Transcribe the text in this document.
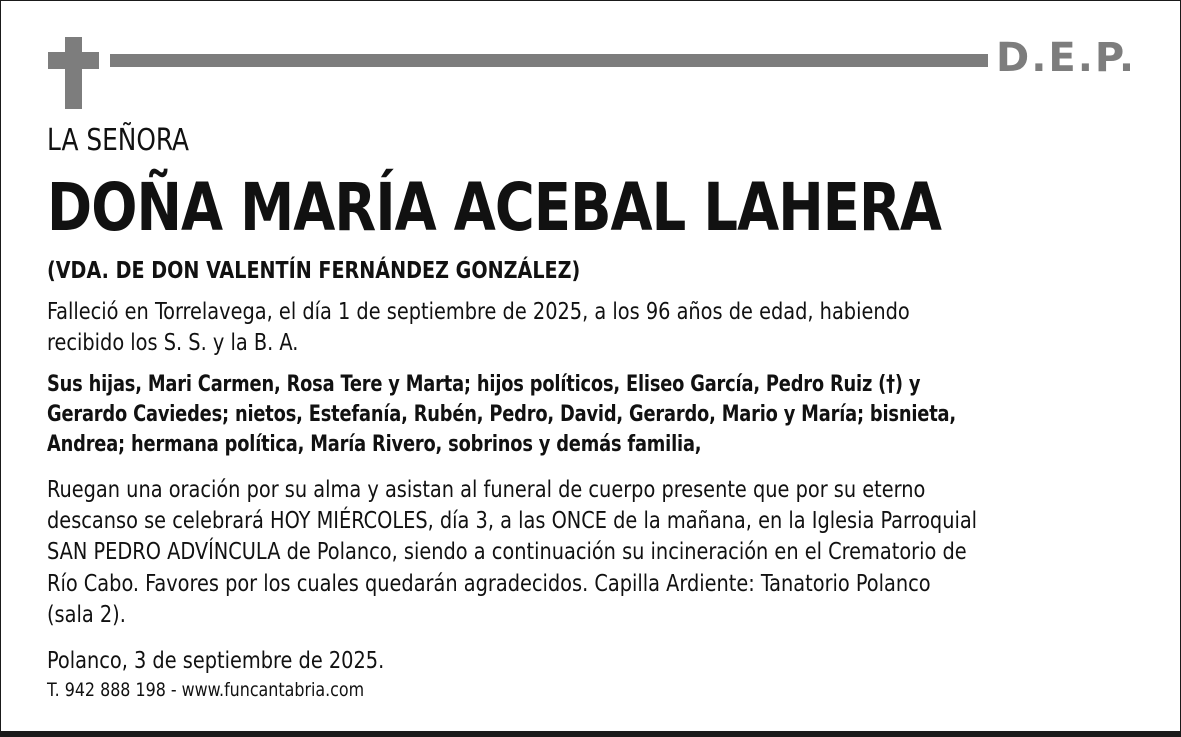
D.E.P.
LA SEÑORA
DOÑA MARÍA ACEBAL LAHERA
(VDA. DE DON VALENTÍN FERNÁNDEZ GONZÁLEZ)
Falleció en Torrelavega, el día 1 de septiembre de 2025, a los 96 años de edad, habiendo
recibido los S. S. y la B. A.
Sus hijas, Mari Carmen, Rosa Tere y Marta; hijos políticos, Eliseo García, Pedro Ruiz (†) y
Gerardo Caviedes; nietos, Estefanía, Rubén, Pedro, David, Gerardo, Mario y María; bisnieta,
Andrea; hermana política, María Rivero, sobrinos y demás familia,
Ruegan una oración por su alma y asistan al funeral de cuerpo presente que por su eterno
descanso se celebrará HOY MIÉRCOLES, día 3, a las ONCE de la mañana, en la Iglesia Parroquial
SAN PEDRO ADVÍNCULA de Polanco, siendo a continuación su incineración en el Crematorio de
Río Cabo. Favores por los cuales quedarán agradecidos. Capilla Ardiente: Tanatorio Polanco
(sala 2).
Polanco, 3 de septiembre de 2025.
T. 942 888 198 - www.funcantabria.com
